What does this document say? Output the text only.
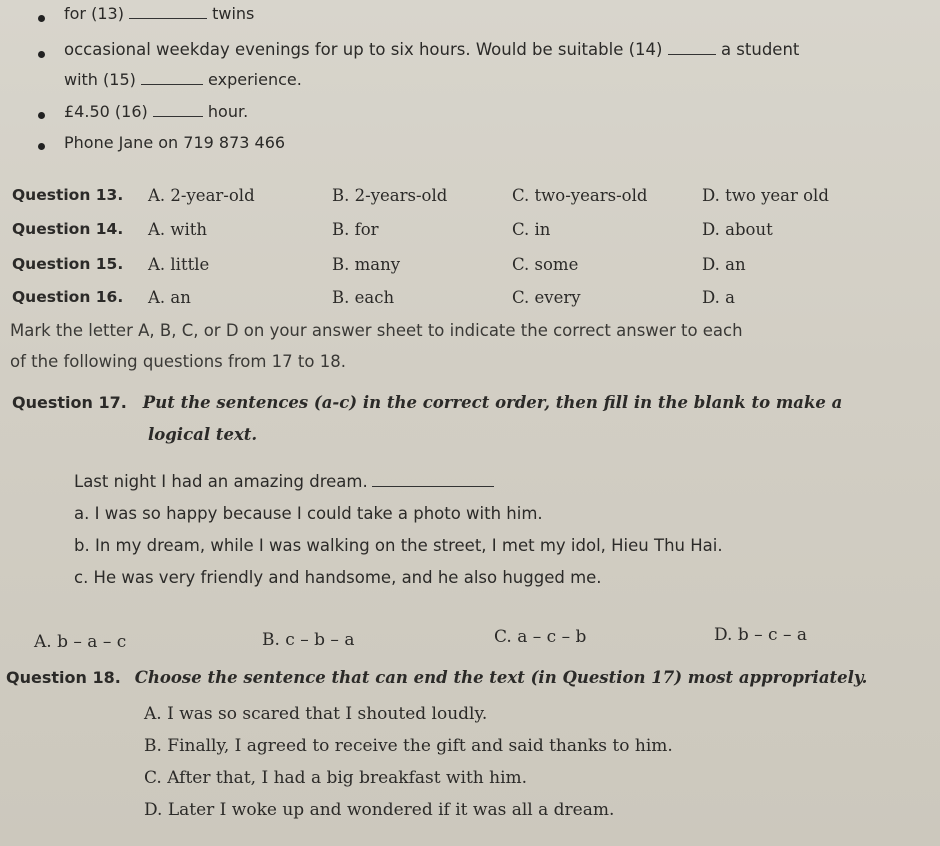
for (13)	twins
occasional weekday evenings for up to six hours. Would be suitable (14)	a student
with (15)	experience.
£4.50 (16)	hour.
Phone Jane on 719 873 466
Question 13. A. 2-year-old	B. 2-years-old	C. two-years-old	D. two year old
Question 14. A. with	B. for	C. in	D. about
Question 15. A. little	B. many	C. some	D. an
Question 16. A. an	B. each	C. every	D. a
Mark the letter A, B, C, or D on your answer sheet to indicate the correct answer to each
of the following questions from 17 to 18.
Question 17. Put the sentences (a-c) in the correct order, then fill in the blank to make a
logical text.
Last night I had an amazing dream.
a. I was so happy because I could take a photo with him.
b. In my dream, while I was walking on the street, I met my idol, Hieu Thu Hai.
c. He was very friendly and handsome, and he also hugged me.
A. b – a – c	B. c – b – a	C. a – c – b	D. b – c – a
Question 18. Choose the sentence that can end the text (in Question 17) most appropriately.
A. I was so scared that I shouted loudly.
B. Finally, I agreed to receive the gift and said thanks to him.
C. After that, I had a big breakfast with him.
D. Later I woke up and wondered if it was all a dream.
